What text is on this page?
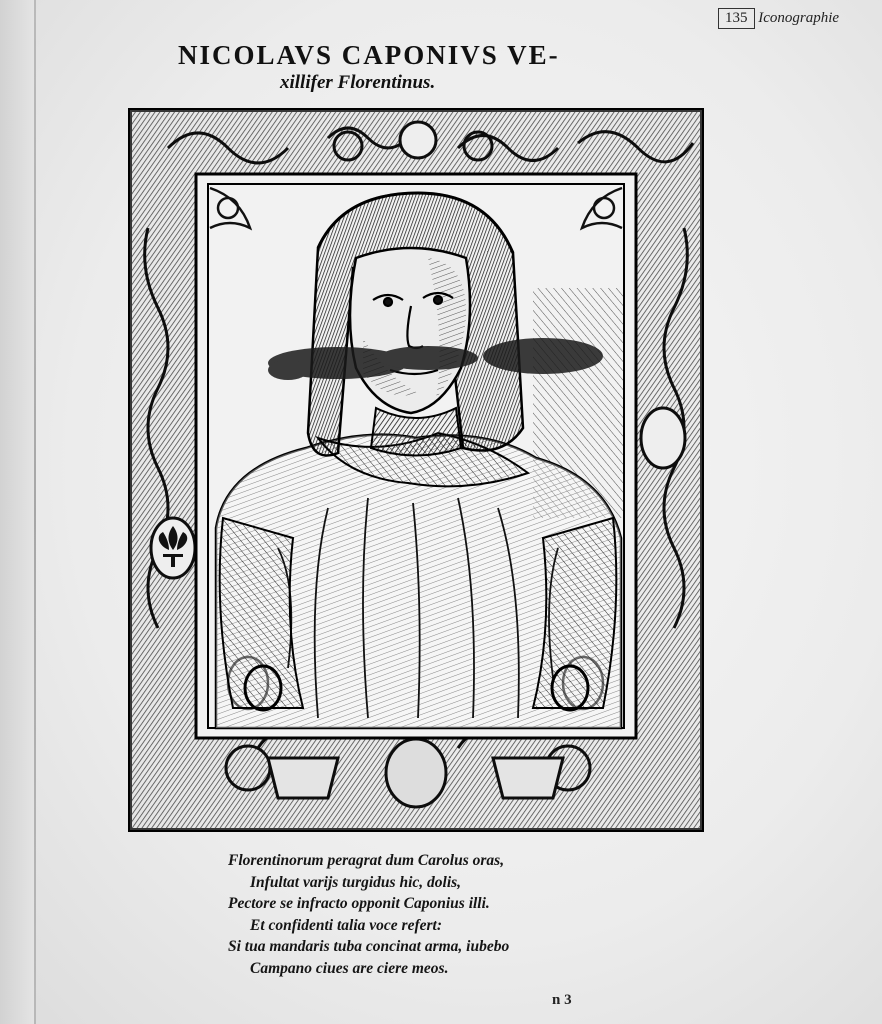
135 Iconographie
NICOLAVS CAPONIVS VE-
xillifer Florentinus.
Florentinorum peragrat dum Carolus oras,
Infultat varijs turgidus hic, dolis,
Pectore se infracto opponit Caponius illi.
Et confidenti talia voce refert:
Si tua mandaris tuba concinat arma, iubebo
Campano ciues are ciere meos.
n 3
